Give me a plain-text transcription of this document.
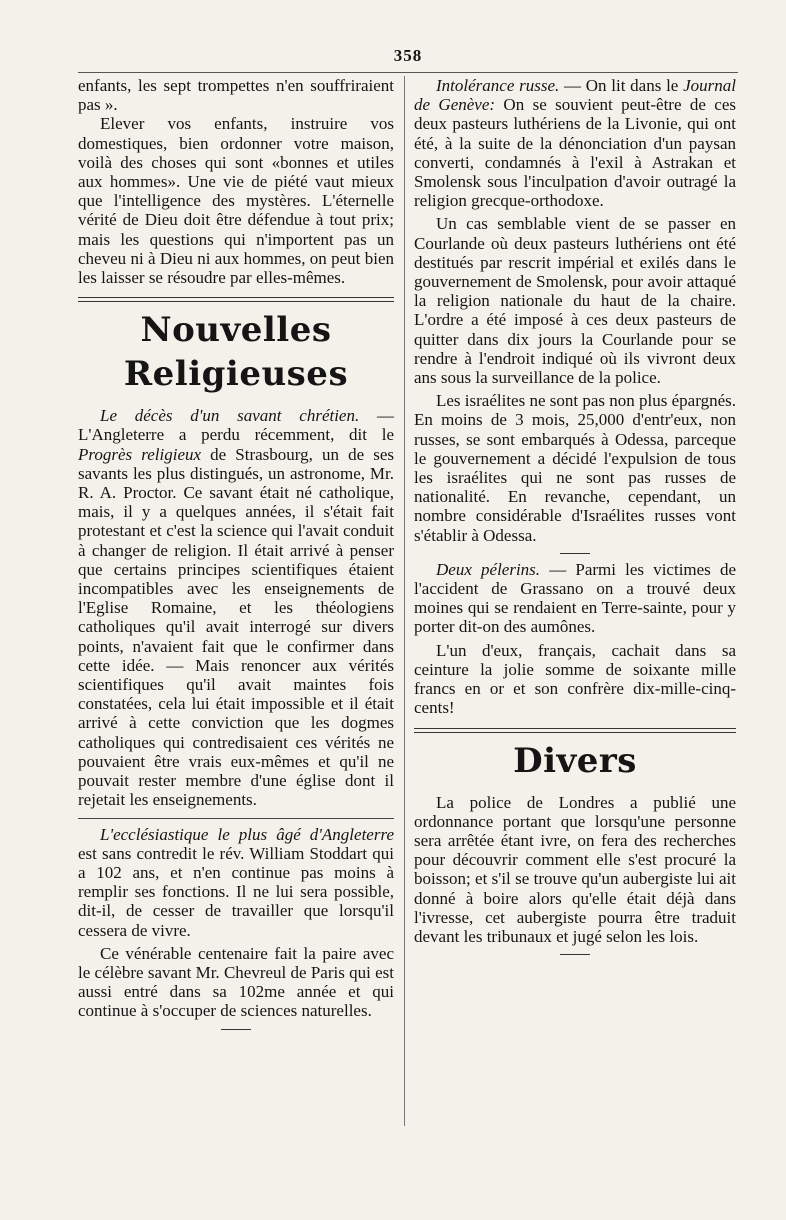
358

enfants, les sept trompettes n'en souffriraient pas ».

Elever vos enfants, instruire vos domestiques, bien ordonner votre maison, voilà des choses qui sont «bonnes et utiles aux hommes». Une vie de piété vaut mieux que l'intelligence des mystères. L'éternelle vérité de Dieu doit être défendue à tout prix; mais les questions qui n'importent pas un cheveu ni à Dieu ni aux hommes, on peut bien les laisser se résoudre par elles-mêmes.

Nouvelles Religieuses

Le décès d'un savant chrétien. — L'Angleterre a perdu récemment, dit le Progrès religieux de Strasbourg, un de ses savants les plus distingués, un astronome, Mr. R. A. Proctor. Ce savant était né catholique, mais, il y a quelques années, il s'était fait protestant et c'est la science qui l'avait conduit à changer de religion. Il était arrivé à penser que certains principes scientifiques étaient incompatibles avec les enseignements de l'Eglise Romaine, et les théologiens catholiques qu'il avait interrogé sur divers points, n'avaient fait que le confirmer dans cette idée. — Mais renoncer aux vérités scientifiques qu'il avait maintes fois constatées, cela lui était impossible et il était arrivé à cette conviction que les dogmes catholiques qui contredisaient ces vérités ne pouvaient être vrais eux-mêmes et qu'il ne pouvait rester membre d'une église dont il rejetait les enseignements.

L'ecclésiastique le plus âgé d'Angleterre est sans contredit le rév. William Stoddart qui a 102 ans, et n'en continue pas moins à remplir ses fonctions. Il ne lui sera possible, dit-il, de cesser de travailler que lorsqu'il cessera de vivre.

Ce vénérable centenaire fait la paire avec le célèbre savant Mr. Chevreul de Paris qui est aussi entré dans sa 102me année et qui continue à s'occuper de sciences naturelles.

Intolérance russe. — On lit dans le Journal de Genève: On se souvient peut-être de ces deux pasteurs luthériens de la Livonie, qui ont été, à la suite de la dénonciation d'un paysan converti, condamnés à l'exil à Astrakan et Smolensk sous l'inculpation d'avoir outragé la religion grecque-orthodoxe.

Un cas semblable vient de se passer en Courlande où deux pasteurs luthériens ont été destitués par rescrit impérial et exilés dans le gouvernement de Smolensk, pour avoir attaqué la religion nationale du haut de la chaire. L'ordre a été imposé à ces deux pasteurs de quitter dans dix jours la Courlande pour se rendre à l'endroit indiqué où ils vivront deux ans sous la surveillance de la police.

Les israélites ne sont pas non plus épargnés. En moins de 3 mois, 25,000 d'entr'eux, non russes, se sont embarqués à Odessa, parceque le gouvernement a décidé l'expulsion de tous les israélites qui ne sont pas russes de nationalité. En revanche, cependant, un nombre considérable d'Israélites russes vont s'établir à Odessa.

Deux pélerins. — Parmi les victimes de l'accident de Grassano on a trouvé deux moines qui se rendaient en Terre-sainte, pour y porter dit-on des aumônes.

L'un d'eux, français, cachait dans sa ceinture la jolie somme de soixante mille francs en or et son confrère dix-mille-cinq-cents!

Divers

La police de Londres a publié une ordonnance portant que lorsqu'une personne sera arrêtée étant ivre, on fera des recherches pour découvrir comment elle s'est procuré la boisson; et s'il se trouve qu'un aubergiste lui ait donné à boire alors qu'elle était déjà dans l'ivresse, cet aubergiste pourra être traduit devant les tribunaux et jugé selon les lois.
